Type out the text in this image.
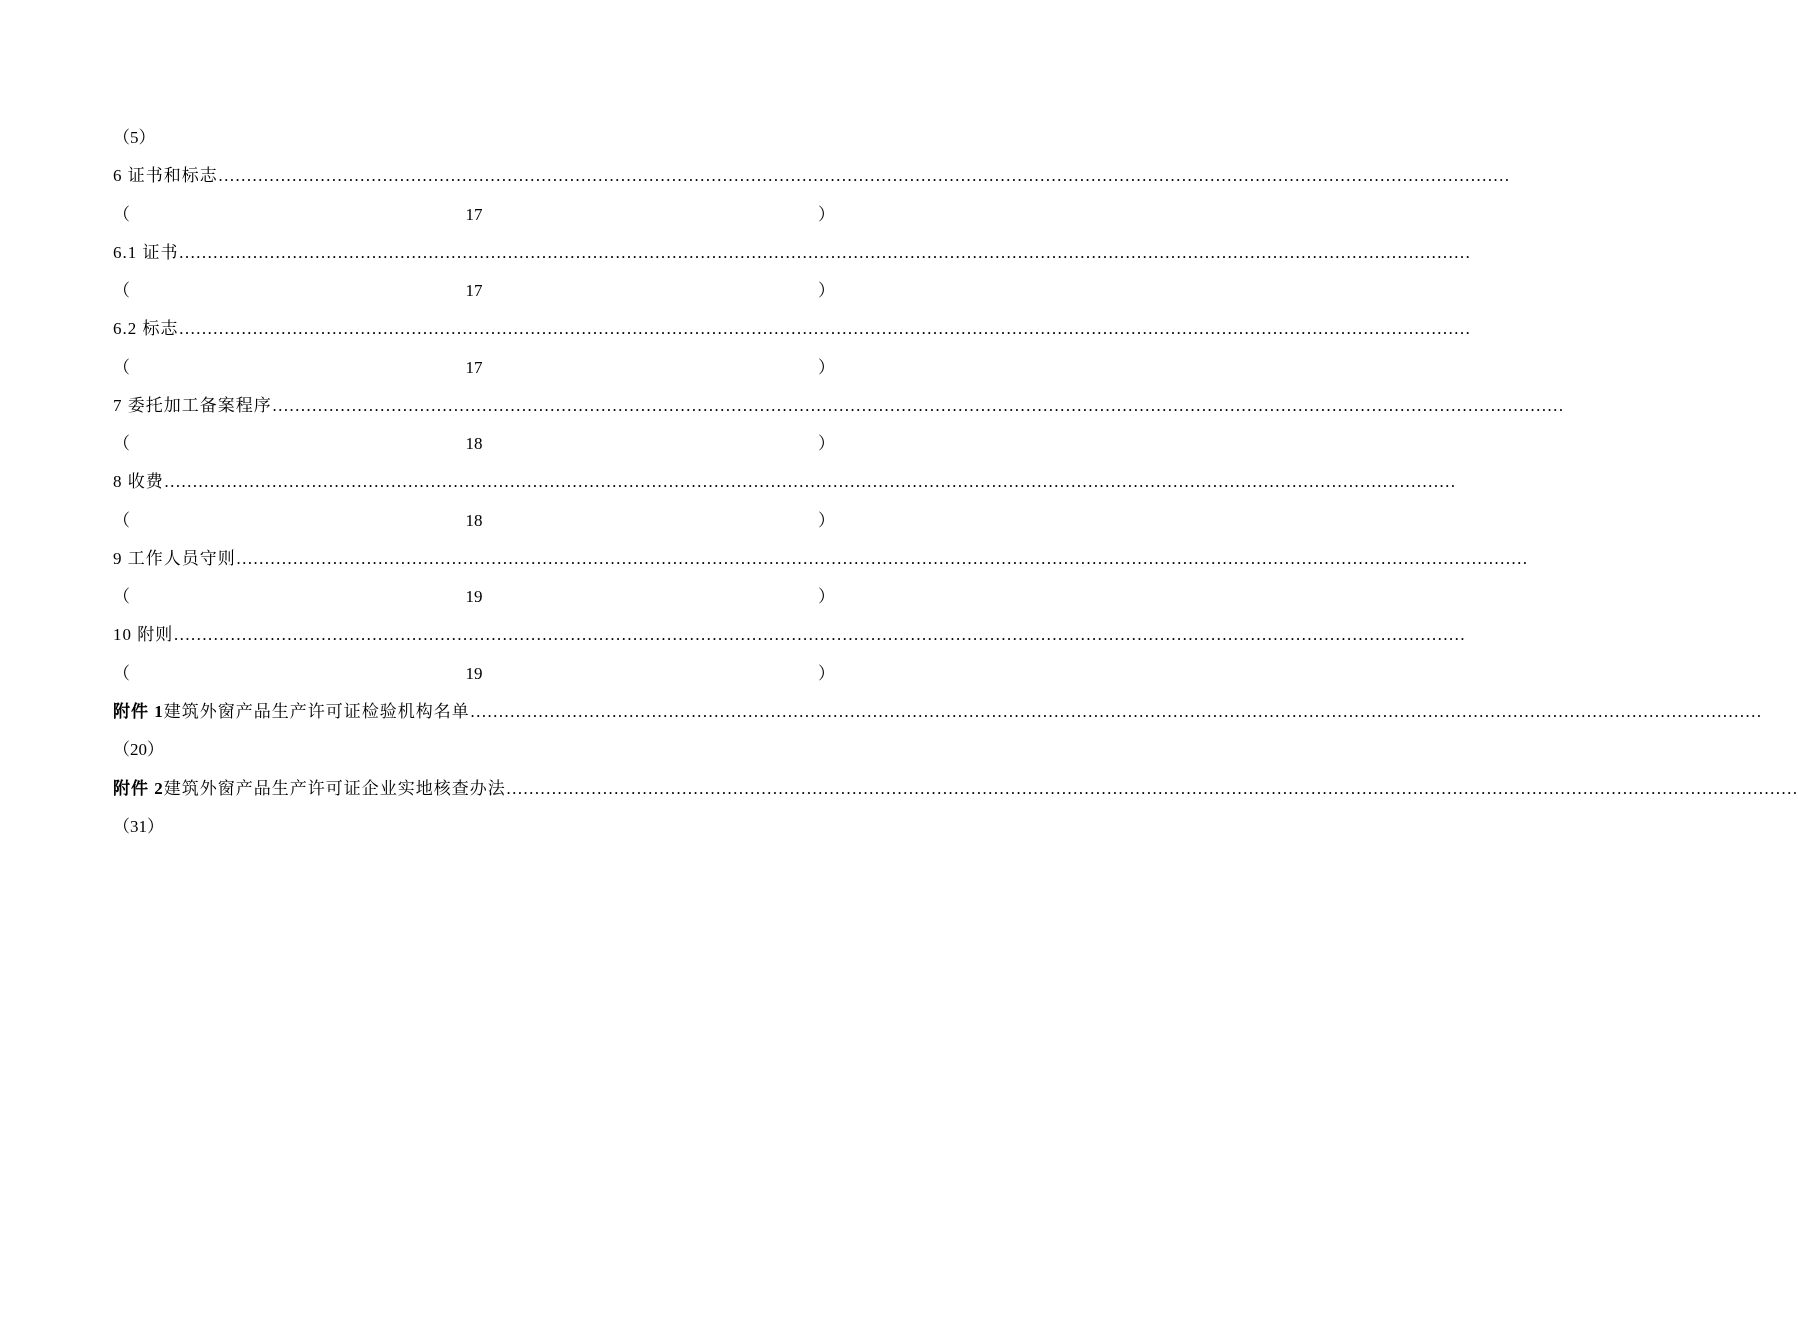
（5）
6 证书和标志 …………………………………………………………………………………………………………………………………………………………………………………………………………
（	17	）
6.1 证书 …………………………………………………………………………………………………………………………………………………………………………………………………………
（	17	）
6.2 标志 …………………………………………………………………………………………………………………………………………………………………………………………………………
（	17	）
7 委托加工备案程序 …………………………………………………………………………………………………………………………………………………………………………………………………………
（	18	）
8 收费 …………………………………………………………………………………………………………………………………………………………………………………………………………
（	18	）
9 工作人员守则 …………………………………………………………………………………………………………………………………………………………………………………………………………
（	19	）
10 附则 …………………………………………………………………………………………………………………………………………………………………………………………………………
（	19	）
附件 1 建筑外窗产品生产许可证检验机构名单 …………………………………………………………………………………………………………………………………………………………………………………………………………
（20）
附件 2 建筑外窗产品生产许可证企业实地核查办法 …………………………………………………………………………………………………………………………………………………………………………………………………………
（31）
